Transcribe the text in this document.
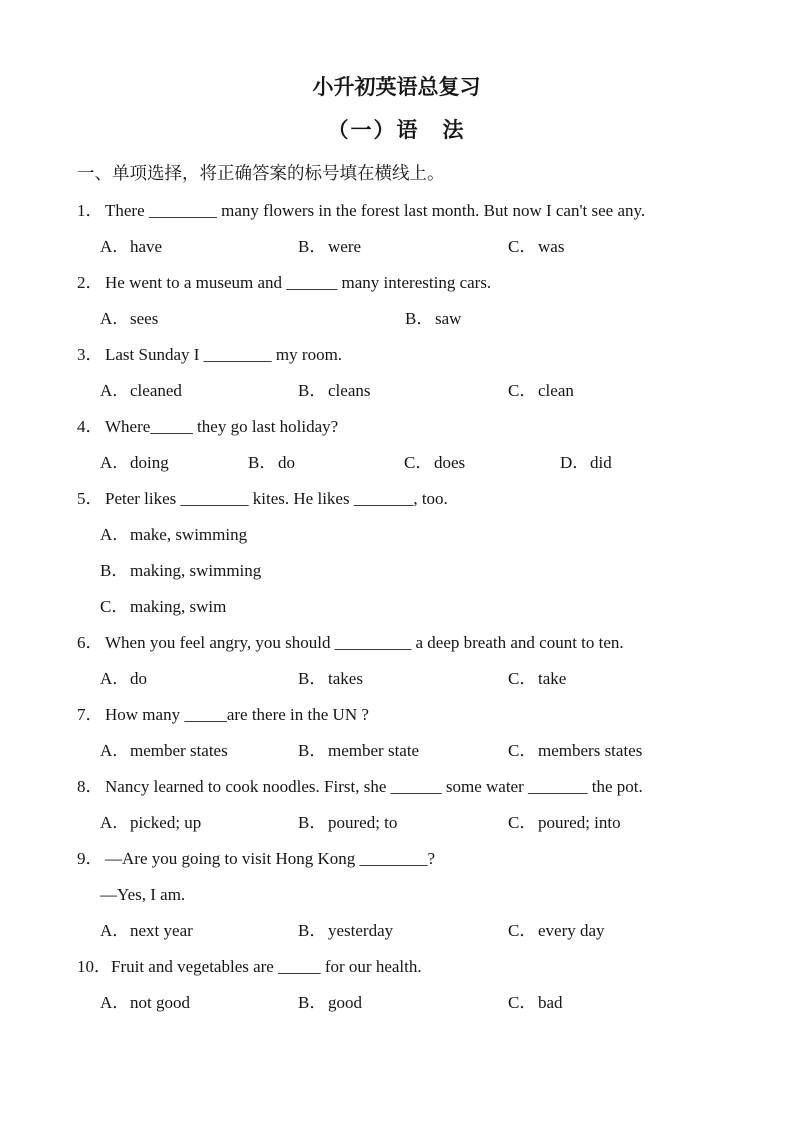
小升初英语总复习
（一）语　法
一、单项选择，将正确答案的标号填在横线上。
1． There ________ many flowers in the forest last month. But now I can't see any.
A．have	B．were	C．was
2． He went to a museum and ______ many interesting cars.
A．sees	B．saw
3． Last Sunday I ________ my room.
A．cleaned	B．cleans	C．clean
4． Where_____ they go last holiday?
A．doing	B．do	C．does	D．did
5． Peter likes ________ kites. He likes _______, too.
A．make, swimming
B．making, swimming
C．making, swim
6． When you feel angry, you should _________ a deep breath and count to ten.
A．do	B．takes	C．take
7． How many _____are there in the UN ?
A．member states	B．member state	C．members states
8． Nancy learned to cook noodles. First, she ______ some water _______ the pot.
A．picked; up	B．poured; to	C．poured; into
9． —Are you going to visit Hong Kong ________?
—Yes, I am.
A．next year	B．yesterday	C．every day
10．Fruit and vegetables are _____ for our health.
A．not good	B．good	C．bad
